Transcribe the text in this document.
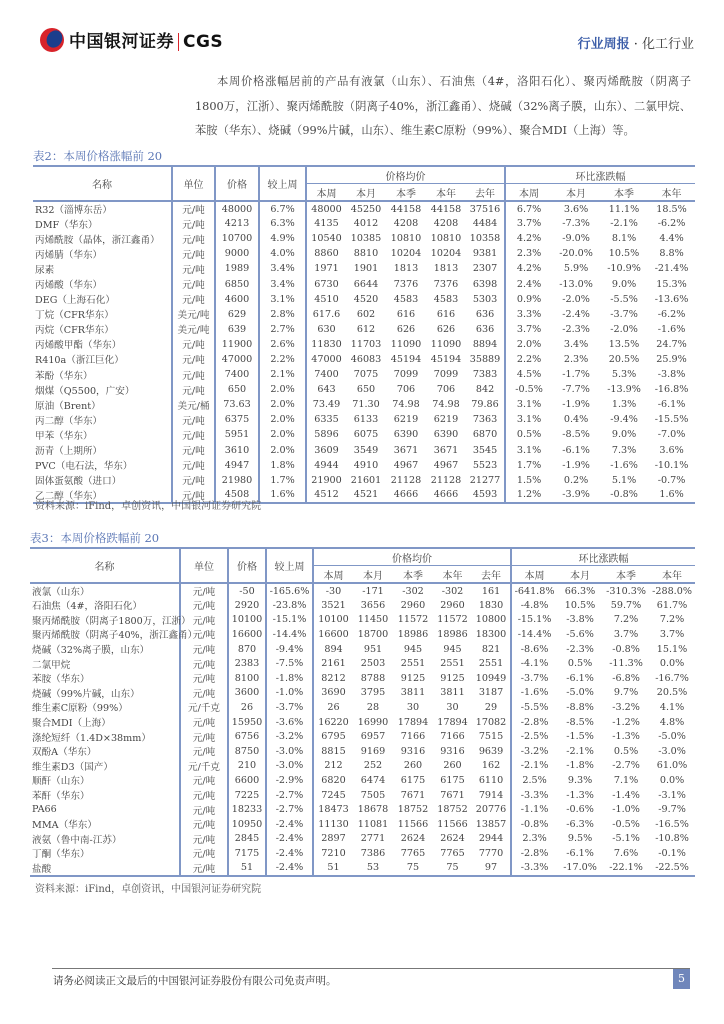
中国银河证券 CGS	行业周报 · 化工行业

本周价格涨幅居前的产品有液氯（山东）、石油焦（4#，洛阳石化）、聚丙烯酰胺（阴离子1800万，江浙）、聚丙烯酰胺（阴离子40%，浙江鑫甬）、烧碱（32%离子膜，山东）、二氯甲烷、苯胺（华东）、烧碱（99%片碱，山东）、维生素C原粉（99%）、聚合MDI（上海）等。

表2：本周价格涨幅前 20
名称	单位	价格	较上周	价格均价					环比涨跌幅			
				本周	本月	本季	本年	去年	本周	本月	本季	本年
R32（淄博东岳）	元/吨	48000	6.7%	48000	45250	44158	44158	37516	6.7%	3.6%	11.1%	18.5%
DMF（华东）	元/吨	4213	6.3%	4135	4012	4208	4208	4484	3.7%	-7.3%	-2.1%	-6.2%
丙烯酰胺（晶体，浙江鑫甬）	元/吨	10700	4.9%	10540	10385	10810	10810	10358	4.2%	-9.0%	8.1%	4.4%
丙烯腈（华东）	元/吨	9000	4.0%	8860	8810	10204	10204	9381	2.3%	-20.0%	10.5%	8.8%
尿素	元/吨	1989	3.4%	1971	1901	1813	1813	2307	4.2%	5.9%	-10.9%	-21.4%
丙烯酸（华东）	元/吨	6850	3.4%	6730	6644	7376	7376	6398	2.4%	-13.0%	9.0%	15.3%
DEG（上海石化）	元/吨	4600	3.1%	4510	4520	4583	4583	5303	0.9%	-2.0%	-5.5%	-13.6%
丁烷（CFR华东）	美元/吨	629	2.8%	617.6	602	616	616	636	3.3%	-2.4%	-3.7%	-6.2%
丙烷（CFR华东）	美元/吨	639	2.7%	630	612	626	626	636	3.7%	-2.3%	-2.0%	-1.6%
丙烯酸甲酯（华东）	元/吨	11900	2.6%	11830	11703	11090	11090	8894	2.0%	3.4%	13.5%	24.7%
R410a（浙江巨化）	元/吨	47000	2.2%	47000	46083	45194	45194	35889	2.2%	2.3%	20.5%	25.9%
苯酚（华东）	元/吨	7400	2.1%	7400	7075	7099	7099	7383	4.5%	-1.7%	5.3%	-3.8%
烟煤（Q5500，广安）	元/吨	650	2.0%	643	650	706	706	842	-0.5%	-7.7%	-13.9%	-16.8%
原油（Brent）	美元/桶	73.63	2.0%	73.49	71.30	74.98	74.98	79.86	3.1%	-1.9%	1.3%	-6.1%
丙二醇（华东）	元/吨	6375	2.0%	6335	6133	6219	6219	7363	3.1%	0.4%	-9.4%	-15.5%
甲苯（华东）	元/吨	5951	2.0%	5896	6075	6390	6390	6870	0.5%	-8.5%	9.0%	-7.0%
沥青（上期所）	元/吨	3610	2.0%	3609	3549	3671	3671	3545	3.1%	-6.1%	7.3%	3.6%
PVC（电石法，华东）	元/吨	4947	1.8%	4944	4910	4967	4967	5523	1.7%	-1.9%	-1.6%	-10.1%
固体蛋氨酸（进口）	元/吨	21980	1.7%	21900	21601	21128	21128	21277	1.5%	0.2%	5.1%	-0.7%
乙二醇（华东）	元/吨	4508	1.6%	4512	4521	4666	4666	4593	1.2%	-3.9%	-0.8%	1.6%
资料来源：iFind，卓创资讯，中国银河证券研究院
表3：本周价格跌幅前 20
名称	单位	价格	较上周	价格均价					环比涨跌幅			
				本周	本月	本季	本年	去年	本周	本月	本季	本年
液氯（山东）	元/吨	-50	-165.6%	-30	-171	-302	-302	161	-641.8%	66.3%	-310.3%	-288.0%
石油焦（4#，洛阳石化）	元/吨	2920	-23.8%	3521	3656	2960	2960	1830	-4.8%	10.5%	59.7%	61.7%
聚丙烯酰胺（阴离子1800万，江浙）	元/吨	10100	-15.1%	10100	11450	11572	11572	10800	-15.1%	-3.8%	7.2%	7.2%
聚丙烯酰胺（阴离子40%，浙江鑫甬）	元/吨	16600	-14.4%	16600	18700	18986	18986	18300	-14.4%	-5.6%	3.7%	3.7%
烧碱（32%离子膜，山东）	元/吨	870	-9.4%	894	951	945	945	821	-8.6%	-2.3%	-0.8%	15.1%
二氯甲烷	元/吨	2383	-7.5%	2161	2503	2551	2551	2551	-4.1%	0.5%	-11.3%	0.0%
苯胺（华东）	元/吨	8100	-1.8%	8212	8788	9125	9125	10949	-3.7%	-6.1%	-6.8%	-16.7%
烧碱（99%片碱，山东）	元/吨	3600	-1.0%	3690	3795	3811	3811	3187	-1.6%	-5.0%	9.7%	20.5%
维生素C原粉（99%）	元/千克	26	-3.7%	26	28	30	30	29	-5.5%	-8.8%	-3.2%	4.1%
聚合MDI（上海）	元/吨	15950	-3.6%	16220	16990	17894	17894	17082	-2.8%	-8.5%	-1.2%	4.8%
涤纶短纤（1.4D×38mm）	元/吨	6756	-3.2%	6795	6957	7166	7166	7515	-2.5%	-1.5%	-1.3%	-5.0%
双酚A（华东）	元/吨	8750	-3.0%	8815	9169	9316	9316	9639	-3.2%	-2.1%	0.5%	-3.0%
维生素D3（国产）	元/千克	210	-3.0%	212	252	260	260	162	-2.1%	-1.8%	-2.7%	61.0%
顺酐（山东）	元/吨	6600	-2.9%	6820	6474	6175	6175	6110	2.5%	9.3%	7.1%	0.0%
苯酐（华东）	元/吨	7225	-2.7%	7245	7505	7671	7671	7914	-3.3%	-1.3%	-1.4%	-3.1%
PA66	元/吨	18233	-2.7%	18473	18678	18752	18752	20776	-1.1%	-0.6%	-1.0%	-9.7%
MMA（华东）	元/吨	10950	-2.4%	11130	11081	11566	11566	13857	-0.8%	-6.3%	-0.5%	-16.5%
液氨（鲁中南-江苏）	元/吨	2845	-2.4%	2897	2771	2624	2624	2944	2.3%	9.5%	-5.1%	-10.8%
丁酮（华东）	元/吨	7175	-2.4%	7210	7386	7765	7765	7770	-2.8%	-6.1%	7.6%	-0.1%
盐酸	元/吨	51	-2.4%	51	53	75	75	97	-3.3%	-17.0%	-22.1%	-22.5%
资料来源：iFind，卓创资讯，中国银河证券研究院
请务必阅读正文最后的中国银河证券股份有限公司免责声明。	5
